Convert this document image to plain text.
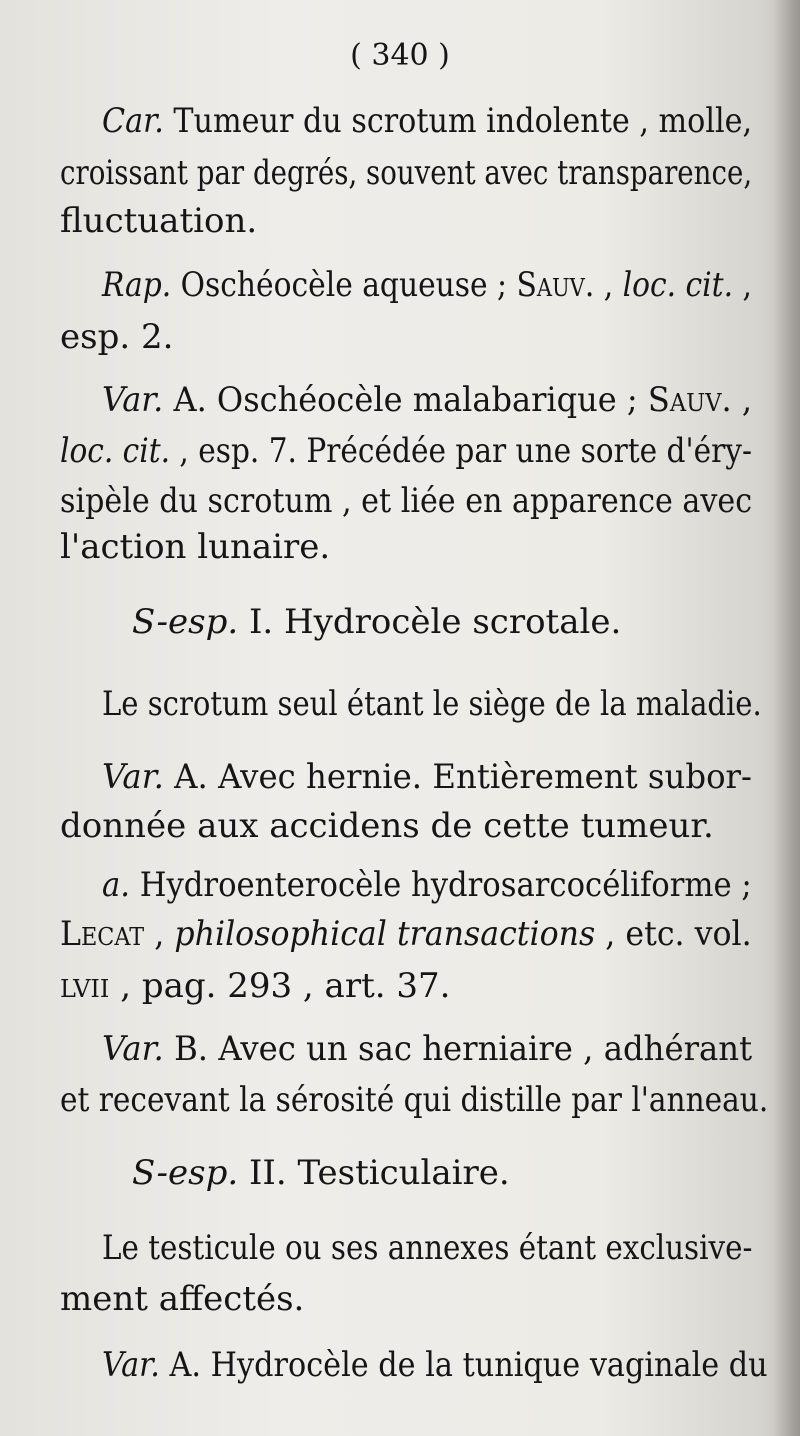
( 340 )
Car. Tumeur du scrotum indolente , molle,
croissant par degrés, souvent avec transparence,
fluctuation.
Rap. Oschéocèle aqueuse ; Sauv. , loc. cit. ,
esp. 2.
Var. A. Oschéocèle malabarique ; Sauv. ,
loc. cit. , esp. 7. Précédée par une sorte d'éry-
sipèle du scrotum , et liée en apparence avec
l'action lunaire.
S-esp. I. Hydrocèle scrotale.
Le scrotum seul étant le siège de la maladie.
Var. A. Avec hernie. Entièrement subor-
donnée aux accidens de cette tumeur.
a. Hydroenterocèle hydrosarcocéliforme ;
Lecat , philosophical transactions , etc. vol.
lvii , pag. 293 , art. 37.
Var. B. Avec un sac herniaire , adhérant
et recevant la sérosité qui distille par l'anneau.
S-esp. II. Testiculaire.
Le testicule ou ses annexes étant exclusive-
ment affectés.
Var. A. Hydrocèle de la tunique vaginale du
